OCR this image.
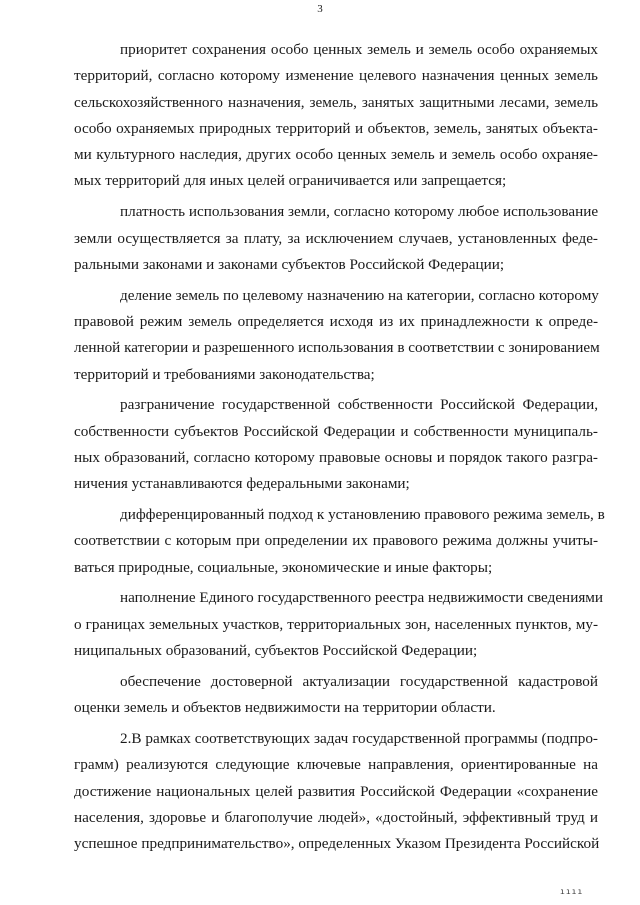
3
приоритет сохранения особо ценных земель и земель особо охраняемых
территорий, согласно которому изменение целевого назначения ценных земель
сельскохозяйственного назначения, земель, занятых защитными лесами, земель
особо охраняемых природных территорий и объектов, земель, занятых объекта-
ми культурного наследия, других особо ценных земель и земель особо охраняе-
мых территорий для иных целей ограничивается или запрещается;
платность использования земли, согласно которому любое использование
земли осуществляется за плату, за исключением случаев, установленных феде-
ральными законами и законами субъектов Российской Федерации;
деление земель по целевому назначению на категории, согласно которому
правовой режим земель определяется исходя из их принадлежности к опреде-
ленной категории и разрешенного использования в соответствии с зонированием
территорий и требованиями законодательства;
разграничение государственной собственности Российской Федерации,
собственности субъектов Российской Федерации и собственности муниципаль-
ных образований, согласно которому правовые основы и порядок такого разгра-
ничения устанавливаются федеральными законами;
дифференцированный подход к установлению правового режима земель, в
соответствии с которым при определении их правового режима должны учиты-
ваться природные, социальные, экономические и иные факторы;
наполнение Единого государственного реестра недвижимости сведениями
о границах земельных участков, территориальных зон, населенных пунктов, му-
ниципальных образований, субъектов Российской Федерации;
обеспечение достоверной актуализации государственной кадастровой
оценки земель и объектов недвижимости на территории области.
2.В рамках соответствующих задач государственной программы (подпро-
грамм) реализуются следующие ключевые направления, ориентированные на
достижение национальных целей развития Российской Федерации «сохранение
населения, здоровье и благополучие людей», «достойный, эффективный труд и
успешное предпринимательство», определенных Указом Президента Российской
ıııı
